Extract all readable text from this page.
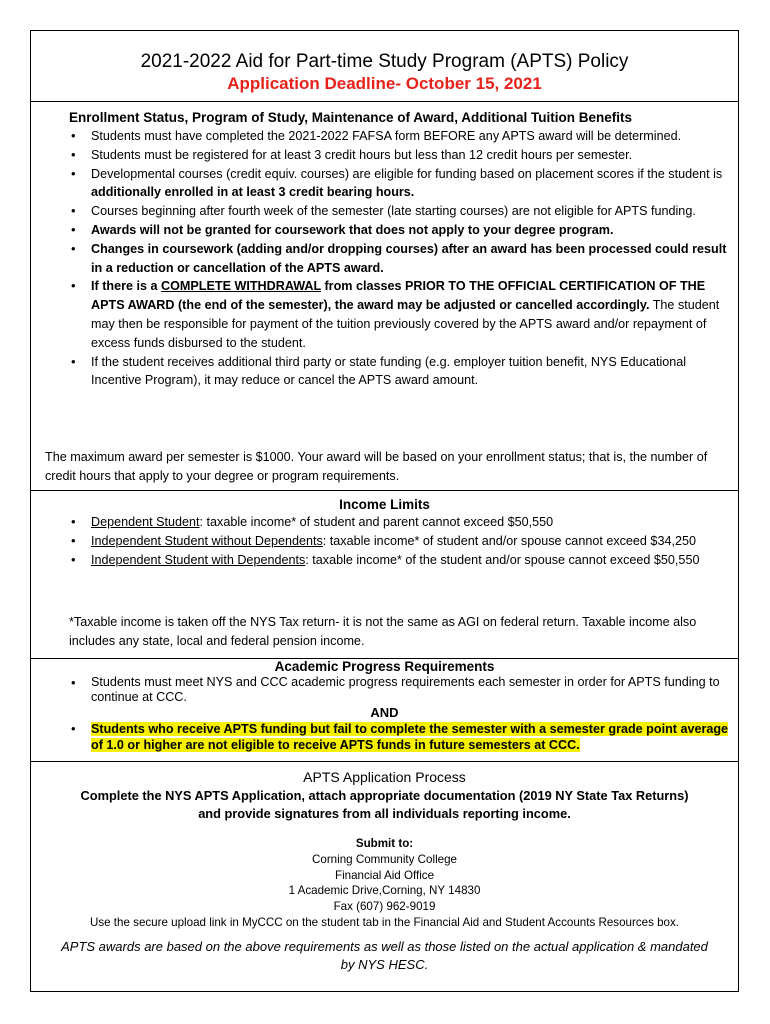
2021-2022 Aid for Part-time Study Program (APTS) Policy
Application Deadline- October 15, 2021
Enrollment Status, Program of Study, Maintenance of Award, Additional Tuition Benefits
• Students must have completed the 2021-2022 FAFSA form BEFORE any APTS award will be determined.
• Students must be registered for at least 3 credit hours but less than 12 credit hours per semester.
• Developmental courses (credit equiv. courses) are eligible for funding based on placement scores if the student is additionally enrolled in at least 3 credit bearing hours.
• Courses beginning after fourth week of the semester (late starting courses) are not eligible for APTS funding.
• Awards will not be granted for coursework that does not apply to your degree program.
• Changes in coursework (adding and/or dropping courses) after an award has been processed could result in a reduction or cancellation of the APTS award.
• If there is a COMPLETE WITHDRAWAL from classes PRIOR TO THE OFFICIAL CERTIFICATION OF THE APTS AWARD (the end of the semester), the award may be adjusted or cancelled accordingly. The student may then be responsible for payment of the tuition previously covered by the APTS award and/or repayment of excess funds disbursed to the student.
• If the student receives additional third party or state funding (e.g. employer tuition benefit, NYS Educational Incentive Program), it may reduce or cancel the APTS award amount.
The maximum award per semester is $1000. Your award will be based on your enrollment status; that is, the number of credit hours that apply to your degree or program requirements.
Income Limits
• Dependent Student: taxable income* of student and parent cannot exceed $50,550
• Independent Student without Dependents: taxable income* of student and/or spouse cannot exceed $34,250
• Independent Student with Dependents: taxable income* of the student and/or spouse cannot exceed $50,550
*Taxable income is taken off the NYS Tax return- it is not the same as AGI on federal return. Taxable income also includes any state, local and federal pension income.
Academic Progress Requirements
• Students must meet NYS and CCC academic progress requirements each semester in order for APTS funding to continue at CCC.
AND
• Students who receive APTS funding but fail to complete the semester with a semester grade point average of 1.0 or higher are not eligible to receive APTS funds in future semesters at CCC.
APTS Application Process
Complete the NYS APTS Application, attach appropriate documentation (2019 NY State Tax Returns)
and provide signatures from all individuals reporting income.
Submit to:
Corning Community College
Financial Aid Office
1 Academic Drive,Corning, NY 14830
Fax (607) 962-9019
Use the secure upload link in MyCCC on the student tab in the Financial Aid and Student Accounts Resources box.
APTS awards are based on the above requirements as well as those listed on the actual application & mandated by NYS HESC.
